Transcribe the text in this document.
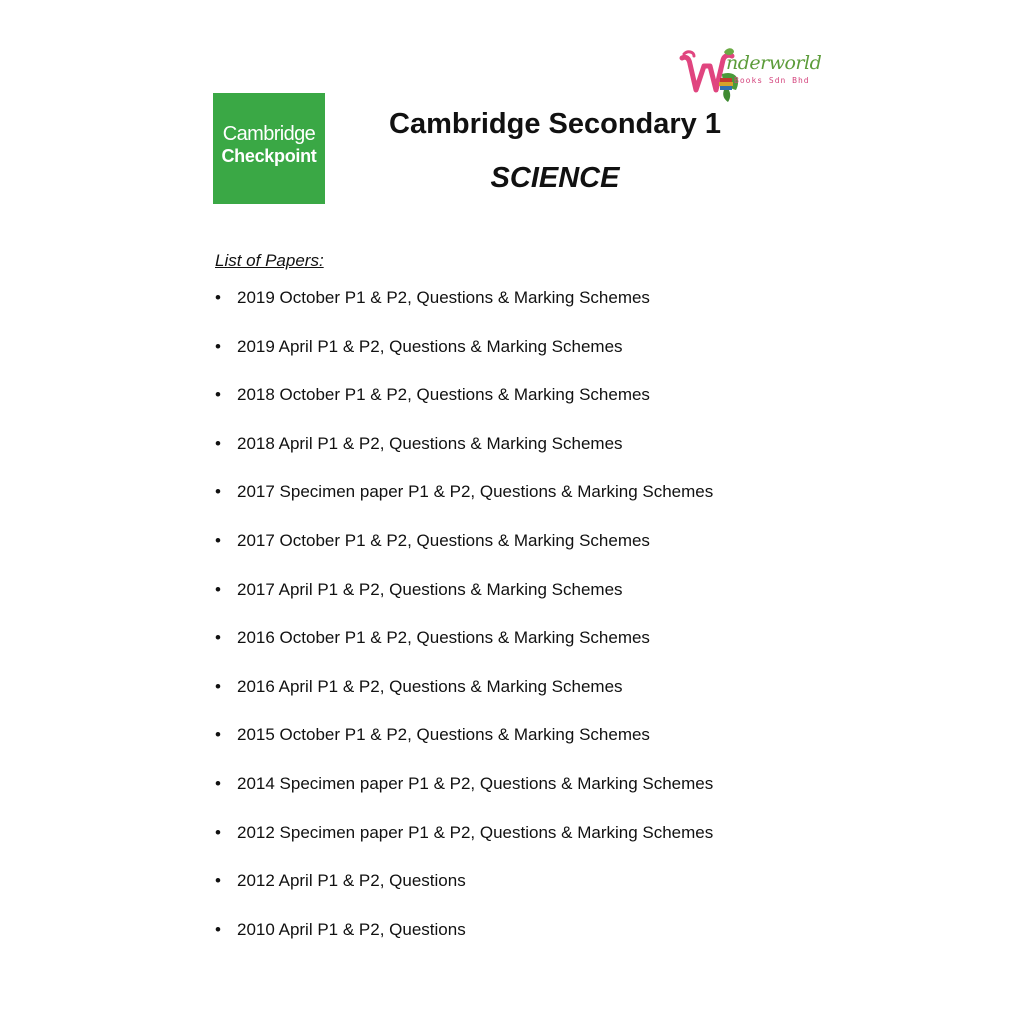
Cambridge
Checkpoint
nderworld
Books Sdn Bhd
Cambridge Secondary 1
SCIENCE
List of Papers:
• 2019 October P1 & P2, Questions & Marking Schemes
• 2019 April P1 & P2, Questions & Marking Schemes
• 2018 October P1 & P2, Questions & Marking Schemes
• 2018 April P1 & P2, Questions & Marking Schemes
• 2017 Specimen paper P1 & P2, Questions & Marking Schemes
• 2017 October P1 & P2, Questions & Marking Schemes
• 2017 April P1 & P2, Questions & Marking Schemes
• 2016 October P1 & P2, Questions & Marking Schemes
• 2016 April P1 & P2, Questions & Marking Schemes
• 2015 October P1 & P2, Questions & Marking Schemes
• 2014 Specimen paper P1 & P2, Questions & Marking Schemes
• 2012 Specimen paper P1 & P2, Questions & Marking Schemes
• 2012 April P1 & P2, Questions
• 2010 April P1 & P2, Questions
